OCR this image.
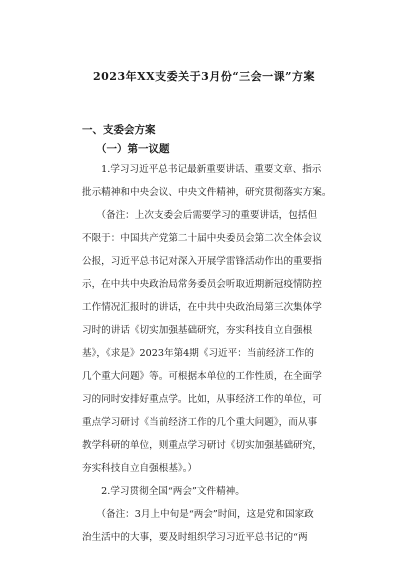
2023年XX支委关于3月份“三会一课”方案
一、支委会方案
（一）第一议题
　　1.学习习近平总书记最新重要讲话、重要文章、指示
批示精神和中央会议、中央文件精神，研究贯彻落实方案。
　　（备注：上次支委会后需要学习的重要讲话，包括但
不限于：中国共产党第二十届中央委员会第二次全体会议
公报，习近平总书记对深入开展学雷锋活动作出的重要指
示，在中共中央政治局常务委员会听取近期新冠疫情防控
工作情况汇报时的讲话，在中共中央政治局第三次集体学
习时的讲话《切实加强基础研究，夯实科技自立自强根
基》，《求是》2023年第4期《习近平：当前经济工作的
几个重大问题》等。可根据本单位的工作性质，在全面学
习的同时安排好重点学。比如，从事经济工作的单位，可
重点学习研讨《当前经济工作的几个重大问题》，而从事
教学科研的单位，则重点学习研讨《切实加强基础研究，
夯实科技自立自强根基》。）
　　2.学习贯彻全国“两会”文件精神。
　　（备注：3月上中旬是“两会”时间，这是党和国家政
治生活中的大事，要及时组织学习习近平总书记的“两
